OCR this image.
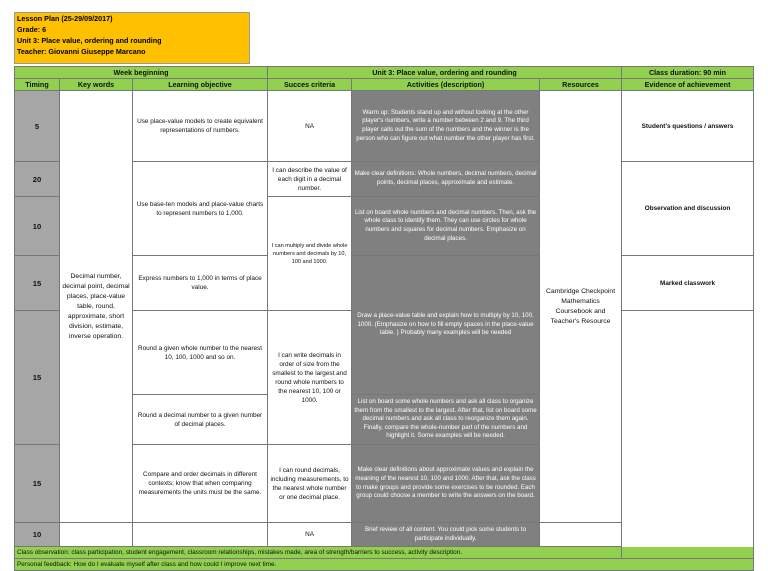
Lesson Plan (25-29/09/2017)
Grade: 6
Unit 3: Place value, ordering and rounding
Teacher: Giovanni Giuseppe Marcano
Week beginning			Unit 3: Place value, ordering and rounding			Class duration: 90 min
Timing	Key words	Learning objective	Succes criteria	Activities (description)	Resources	Evidence of achievement
5	Decimal number, decimal point, decimal places, place-value table, round, approximate, short division, estimate, inverse operation.	Use place-value models to create equivalent representations of numbers.	NA	Warm up: Students stand up and without looking at the other player's numbers, write a number between 2 and 9. The third player calls out the sum of the numbers and the winner is the person who can figure out what number the other player has first.	Cambridge Checkpoint Mathematics Coursebook and Teacher's Resource	Student's questions / answers
20		Use base-ten models and place-value charts to represent numbers to 1,000.	I can describe the value of each digit in a decimal number.	Make clear definitions: Whole numbers, decimal numbers, decimal points, decimal places, approximate and estimate.		Observation and discussion
10			I can multiply and divide whole numbers and decimals by 10, 100 and 1000.	List on board whole numbers and decimal numbers. Then, ask the whole class to identify them. They can use circles for whole numbers and squares for decimal numbers. Emphasize on decimal places.		
15		Express numbers to 1,000 in terms of place value.		Draw a place-value table and explain how to multiply by 10, 100, 1000. (Emphasize on how to fill empty spaces in the place-value table. ) Probably many examples will be needed		Marked classwork
15		Round a given whole number to the nearest 10, 100, 1000 and so on.	I can write decimals in order of size from the smallest to the largest and round whole numbers to the nearest 10, 100 or 1000.			
		Round a decimal number to a given number of decimal places.		List on board some whole numbers and ask all class to organize them from the smallest to the largest. After that, list on board some decimal numbers and ask all class to reorganize them again. Finally, compare the whole-number part of the numbers and highlight it. Some examples will be needed.		
15		Compare and order decimals in different contexts; know that when comparing measurements the units must be the same.	I can round decimals, including measurements, to the nearest whole number or one decimal place.	Make clear definitions about approximate values and explain the meaning of the nearest 10, 100 and 1000. After that, ask the class to make groups and provide some exercises to be rounded. Each group could choose a member to write the answers on the board.		
10			NA	Brief review of all content. You could pick some students to participate individually.		
Class observation: class participation, student engagement, classroom relationships, mistakes made, area of strength/barriers to success, activity description.						
Personal feedback: How do I evaluate myself after class and how could I improve next time.						
